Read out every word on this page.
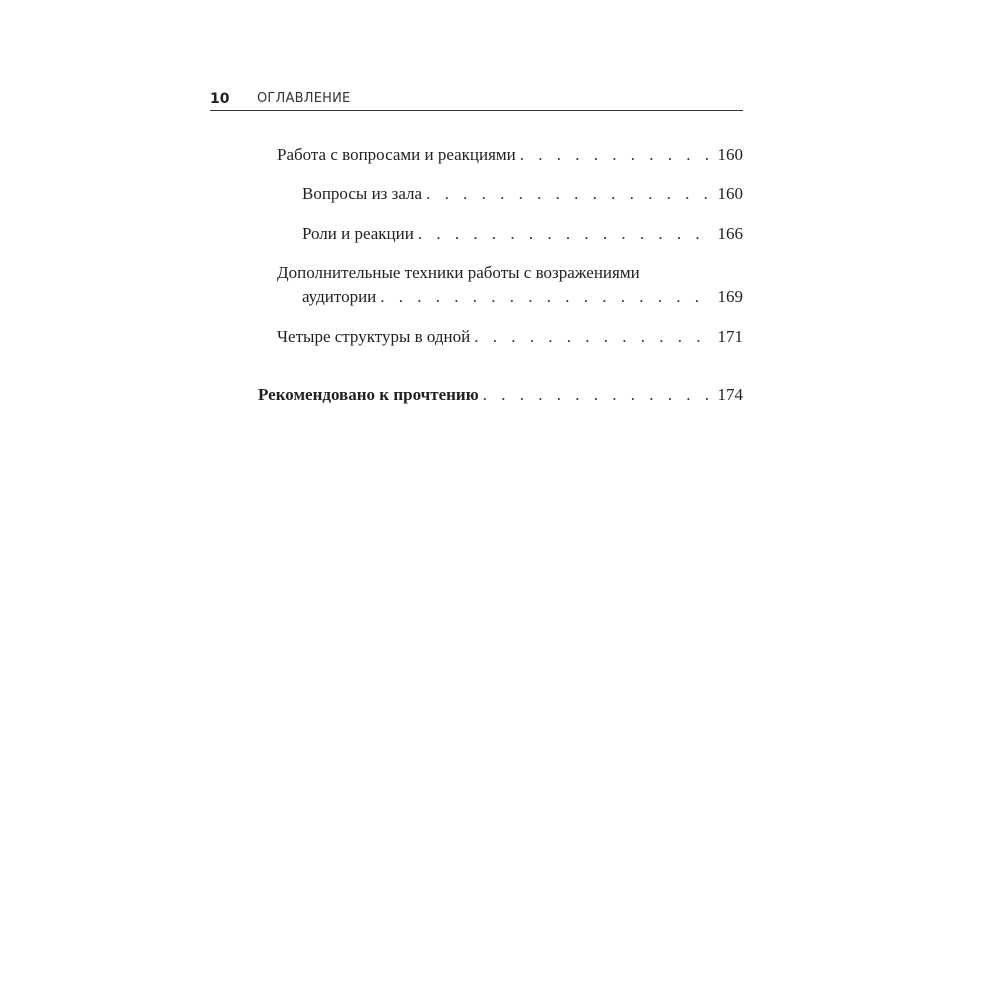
10 ОГЛАВЛЕНИЕ
Работа с вопросами и реакциями . . .	160
Вопросы из зала . . .	160
Роли и реакции . . .	166
Дополнительные техники работы с возражениями
аудитории . . .	169
Четыре структуры в одной . . .	171
Рекомендовано к прочтению . . .	174
